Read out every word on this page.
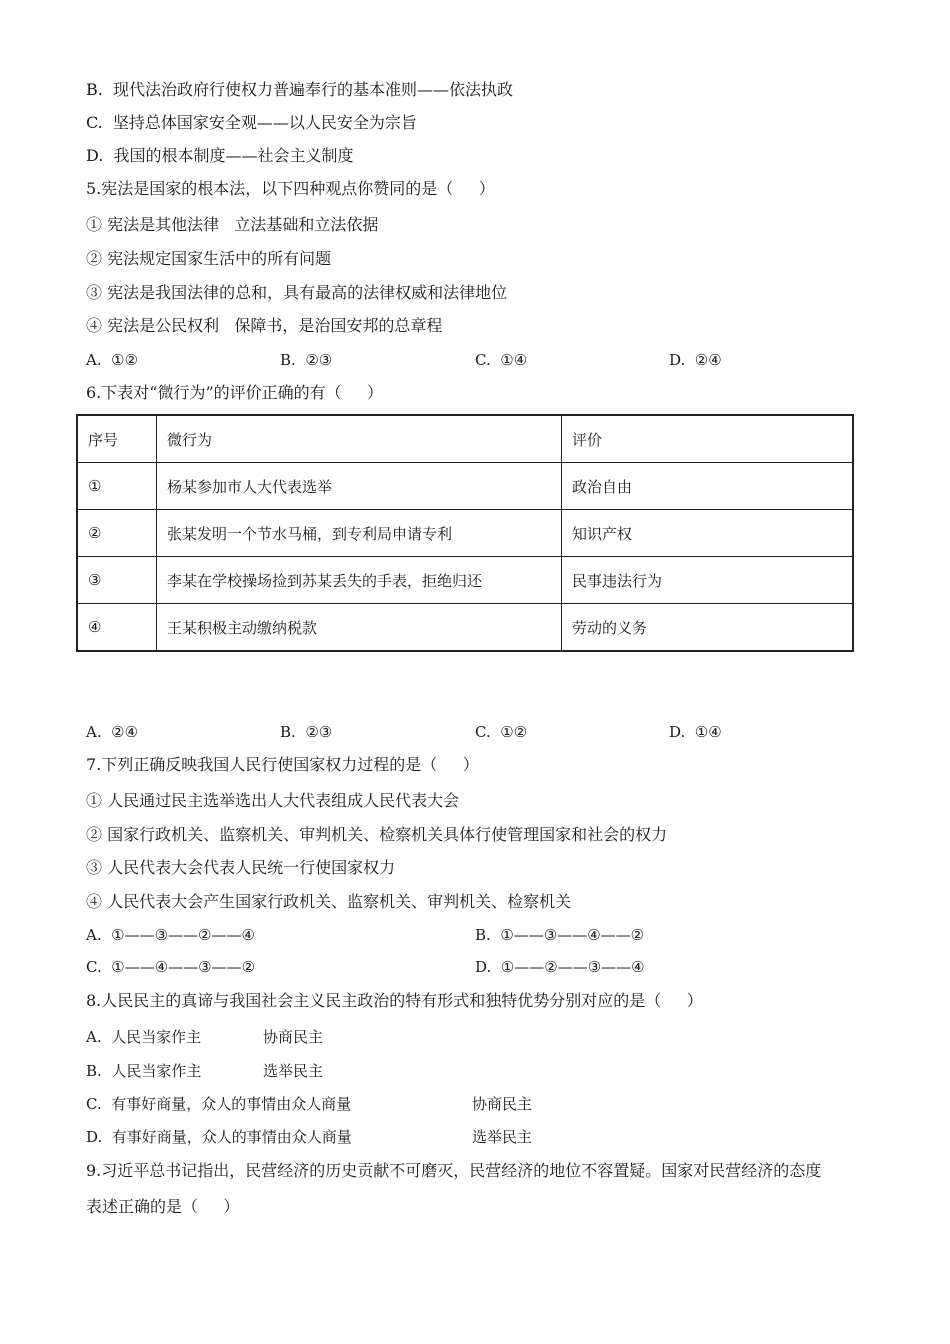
B.  现代法治政府行使权力普遍奉行的基本准则——依法执政
C.  坚持总体国家安全观——以人民安全为宗旨
D.  我国的根本制度——社会主义制度
5.宪法是国家的根本法，以下四种观点你赞同的是（     ）
① 宪法是其他法律   立法基础和立法依据
② 宪法规定国家生活中的所有问题
③ 宪法是我国法律的总和，具有最高的法律权威和法律地位
④ 宪法是公民权利   保障书，是治国安邦的总章程
A.  ①②	B.  ②③	C.  ①④	D.  ②④
6.下表对“微行为”的评价正确的有（     ）
序号	微行为	评价
①	杨某参加市人大代表选举	政治自由
②	张某发明一个节水马桶，到专利局申请专利	知识产权
③	李某在学校操场捡到苏某丢失的手表，拒绝归还	民事违法行为
④	王某积极主动缴纳税款	劳动的义务
A.  ②④	B.  ②③	C.  ①②	D.  ①④
7.下列正确反映我国人民行使国家权力过程的是（     ）
① 人民通过民主选举选出人大代表组成人民代表大会
② 国家行政机关、监察机关、审判机关、检察机关具体行使管理国家和社会的权力
③ 人民代表大会代表人民统一行使国家权力
④ 人民代表大会产生国家行政机关、监察机关、审判机关、检察机关
A.  ①——③——②——④	B.  ①——③——④——②
C.  ①——④——③——②	D.  ①——②——③——④
8.人民民主的真谛与我国社会主义民主政治的特有形式和独特优势分别对应的是（     ）
A.  人民当家作主	协商民主
B.  人民当家作主	选举民主
C.  有事好商量，众人的事情由众人商量	协商民主
D.  有事好商量，众人的事情由众人商量	选举民主
9.习近平总书记指出，民营经济的历史贡献不可磨灭，民营经济的地位不容置疑。国家对民营经济的态度
表述正确的是（     ）
